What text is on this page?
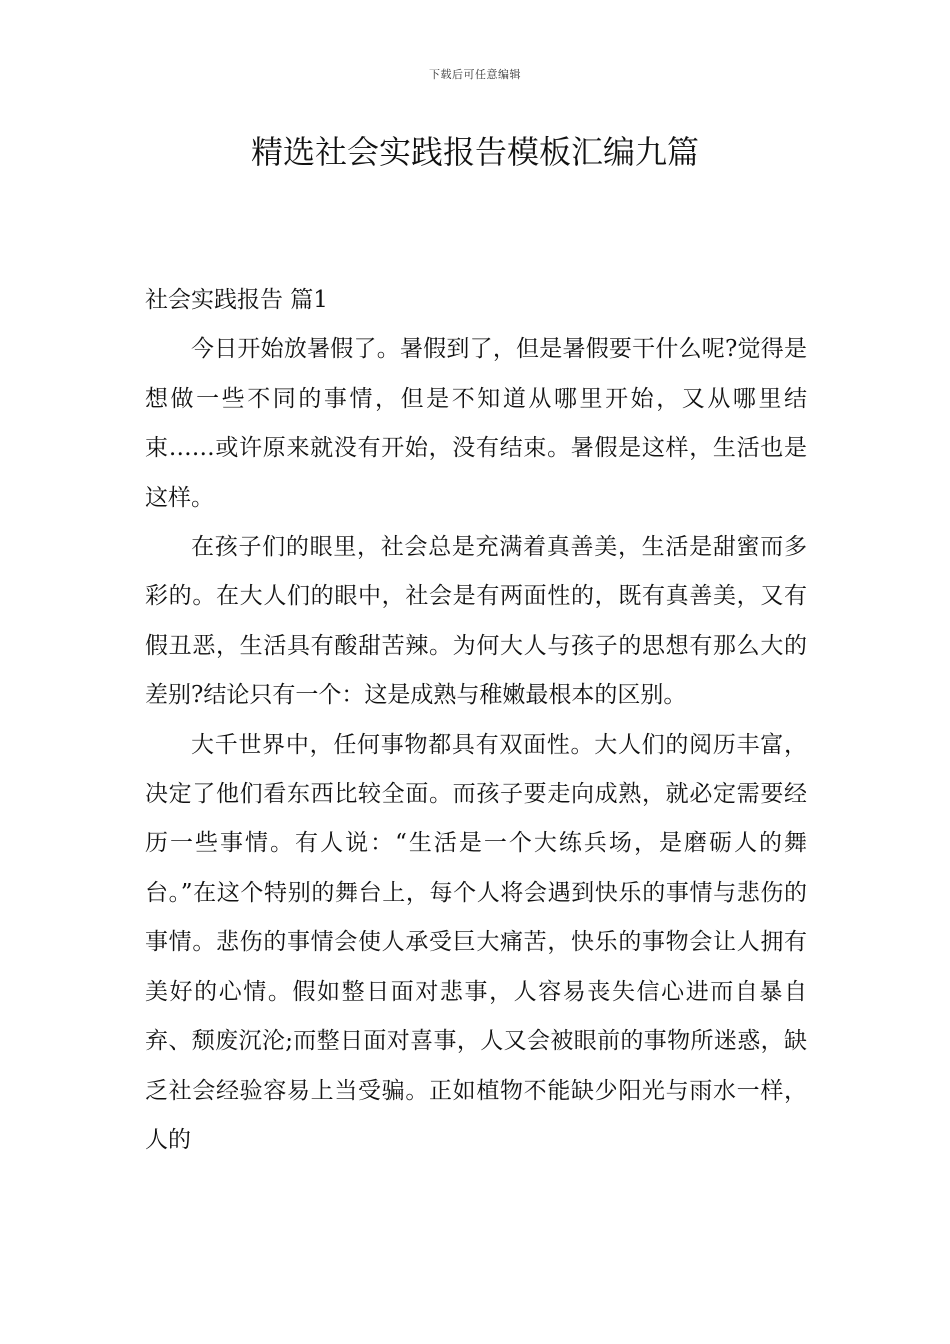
下载后可任意编辑
精选社会实践报告模板汇编九篇
社会实践报告 篇1

今日开始放暑假了。暑假到了，但是暑假要干什么呢?觉得是想做一些不同的事情，但是不知道从哪里开始，又从哪里结束……或许原来就没有开始，没有结束。暑假是这样，生活也是这样。

在孩子们的眼里，社会总是充满着真善美，生活是甜蜜而多彩的。在大人们的眼中，社会是有两面性的，既有真善美，又有假丑恶，生活具有酸甜苦辣。为何大人与孩子的思想有那么大的差别?结论只有一个：这是成熟与稚嫩最根本的区别。

大千世界中，任何事物都具有双面性。大人们的阅历丰富，决定了他们看东西比较全面。而孩子要走向成熟，就必定需要经历一些事情。有人说：“生活是一个大练兵场，是磨砺人的舞台。”在这个特别的舞台上，每个人将会遇到快乐的事情与悲伤的事情。悲伤的事情会使人承受巨大痛苦，快乐的事物会让人拥有美好的心情。假如整日面对悲事，人容易丧失信心进而自暴自弃、颓废沉沦;而整日面对喜事，人又会被眼前的事物所迷惑，缺乏社会经验容易上当受骗。正如植物不能缺少阳光与雨水一样，人的
